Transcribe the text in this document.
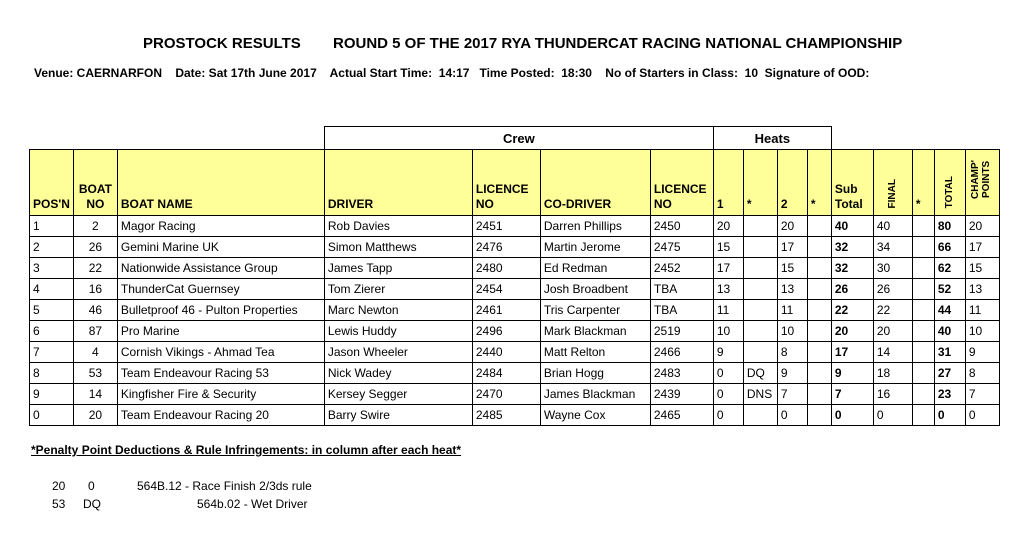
PROSTOCK RESULTS ROUND 5 OF THE 2017 RYA THUNDERCAT RACING NATIONAL CHAMPIONSHIP
Venue: CAERNARFON    Date: Sat 17th June 2017    Actual Start Time:  14:17   Time Posted:  18:30    No of Starters in Class:  10  Signature of OOD:
			Crew				Heats								
POS'N	BOAT NO	BOAT NAME	DRIVER	LICENCE NO	CO-DRIVER	LICENCE NO	1	*	2	*	Sub Total	FINAL	*	TOTAL	CHAMP' POINTS
1	2	Magor Racing	Rob Davies	2451	Darren Phillips	2450	20		20		40	40		80	20
2	26	Gemini Marine UK	Simon Matthews	2476	Martin Jerome	2475	15		17		32	34		66	17
3	22	Nationwide Assistance Group	James Tapp	2480	Ed Redman	2452	17		15		32	30		62	15
4	16	ThunderCat Guernsey	Tom Zierer	2454	Josh Broadbent	TBA	13		13		26	26		52	13
5	46	Bulletproof 46 - Pulton Properties	Marc Newton	2461	Tris Carpenter	TBA	11		11		22	22		44	11
6	87	Pro Marine	Lewis Huddy	2496	Mark Blackman	2519	10		10		20	20		40	10
7	4	Cornish Vikings - Ahmad Tea	Jason Wheeler	2440	Matt Relton	2466	9		8		17	14		31	9
8	53	Team Endeavour Racing 53	Nick Wadey	2484	Brian Hogg	2483	0	DQ	9		9	18		27	8
9	14	Kingfisher Fire & Security	Kersey Segger	2470	James Blackman	2439	0	DNS	7		7	16		23	7
0	20	Team Endeavour Racing 20	Barry Swire	2485	Wayne Cox	2465	0		0		0	0		0	0
*Penalty Point Deductions & Rule Infringements: in column after each heat*
20 0	564B.12 - Race Finish 2/3ds rule
53 DQ	564b.02 - Wet Driver
